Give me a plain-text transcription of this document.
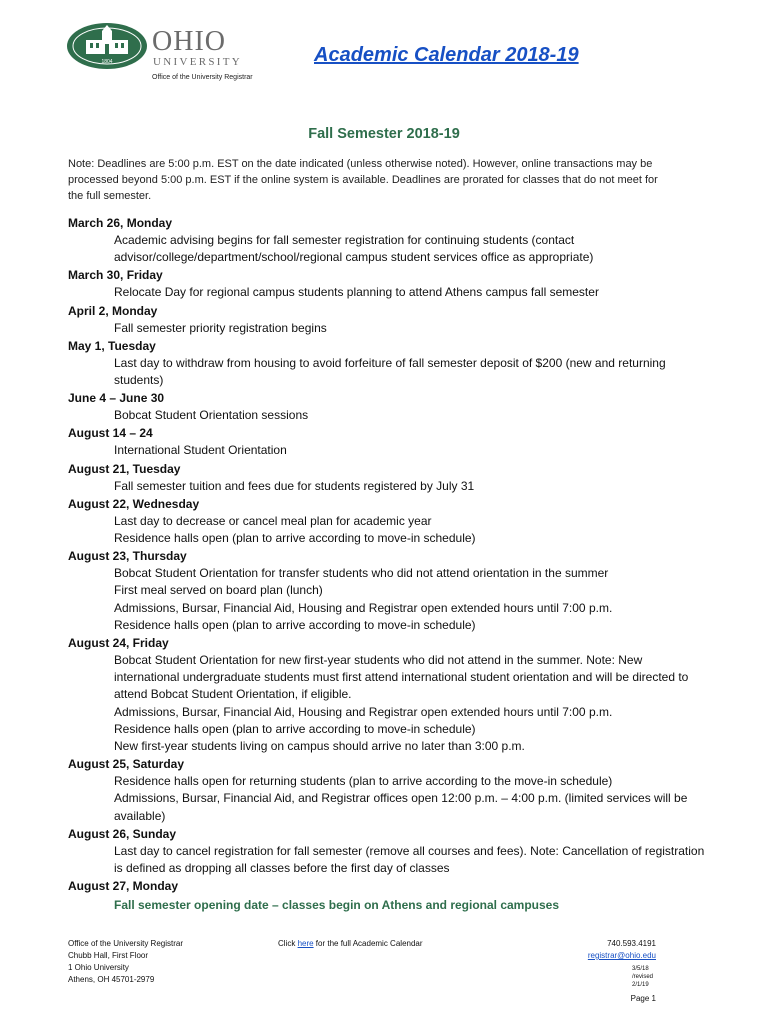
1804
OHIO
UNIVERSITY
Office of the University Registrar
Academic Calendar 2018-19
Fall Semester 2018-19
Note: Deadlines are 5:00 p.m. EST on the date indicated (unless otherwise noted). However, online transactions may be processed beyond 5:00 p.m. EST if the online system is available. Deadlines are prorated for classes that do not meet for the full semester.
March 26, Monday
Academic advising begins for fall semester registration for continuing students (contact advisor/college/department/school/regional campus student services office as appropriate)
March 30, Friday
Relocate Day for regional campus students planning to attend Athens campus fall semester
April 2, Monday
Fall semester priority registration begins
May 1, Tuesday
Last day to withdraw from housing to avoid forfeiture of fall semester deposit of $200 (new and returning students)
June 4 – June 30
Bobcat Student Orientation sessions
August 14 – 24
International Student Orientation
August 21, Tuesday
Fall semester tuition and fees due for students registered by July 31
August 22, Wednesday
Last day to decrease or cancel meal plan for academic year
Residence halls open (plan to arrive according to move-in schedule)
August 23, Thursday
Bobcat Student Orientation for transfer students who did not attend orientation in the summer
First meal served on board plan (lunch)
Admissions, Bursar, Financial Aid, Housing and Registrar open extended hours until 7:00 p.m.
Residence halls open (plan to arrive according to move-in schedule)
August 24, Friday
Bobcat Student Orientation for new first-year students who did not attend in the summer. Note: New international undergraduate students must first attend international student orientation and will be directed to attend Bobcat Student Orientation, if eligible.
Admissions, Bursar, Financial Aid, Housing and Registrar open extended hours until 7:00 p.m.
Residence halls open (plan to arrive according to move-in schedule)
New first-year students living on campus should arrive no later than 3:00 p.m.
August 25, Saturday
Residence halls open for returning students (plan to arrive according to the move-in schedule)
Admissions, Bursar, Financial Aid, and Registrar offices open 12:00 p.m. – 4:00 p.m. (limited services will be available)
August 26, Sunday
Last day to cancel registration for fall semester (remove all courses and fees). Note: Cancellation of registration is defined as dropping all classes before the first day of classes
August 27, Monday
Fall semester opening date – classes begin on Athens and regional campuses
Office of the University Registrar
Chubb Hall, First Floor
1 Ohio University
Athens, OH 45701-2979
Click here for the full Academic Calendar	740.593.4191
registrar@ohio.edu
3/5/18
/revised
2/1/19
Page 1
